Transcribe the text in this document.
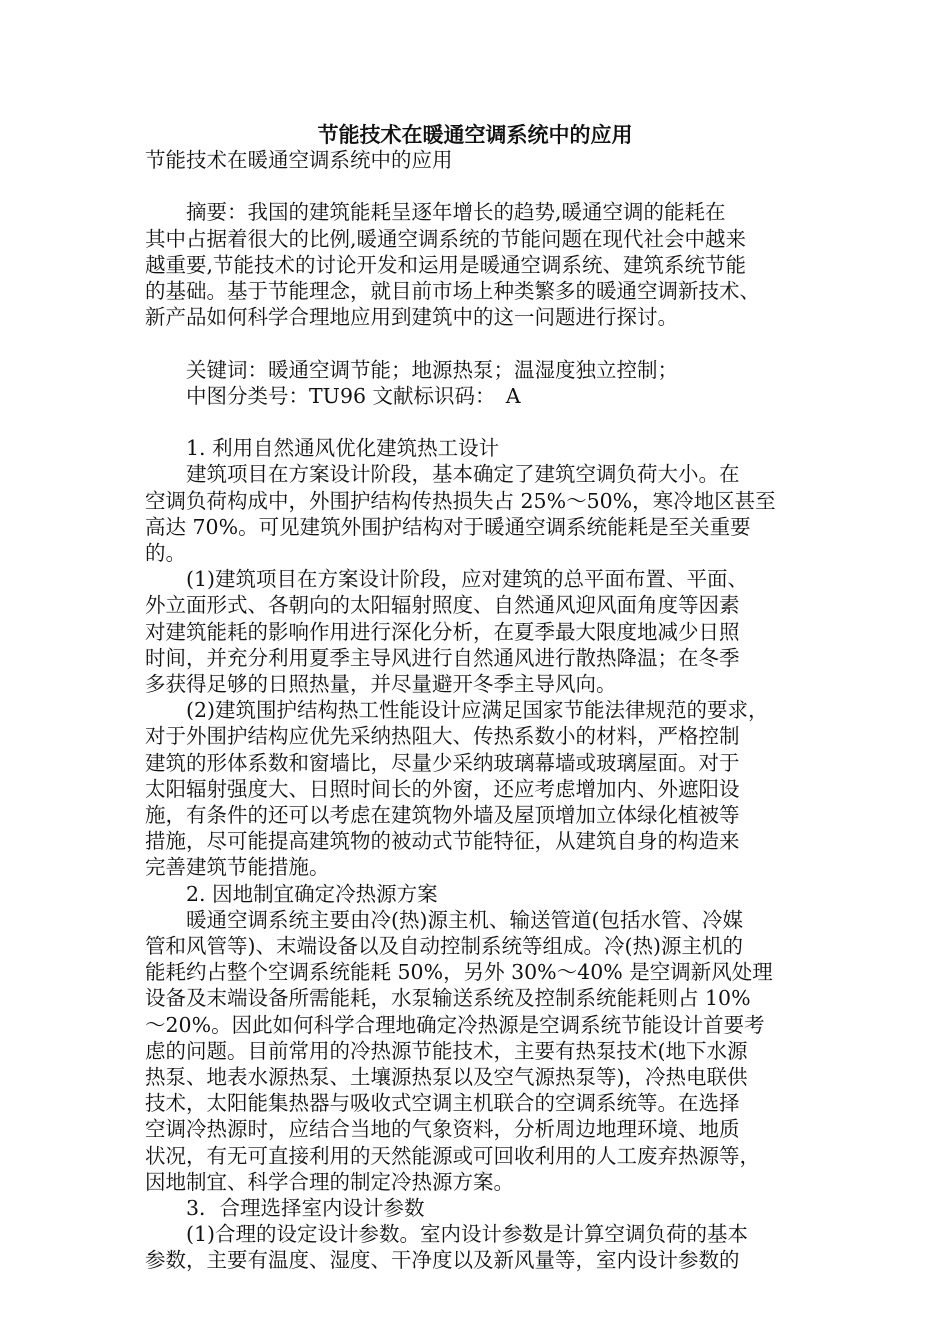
节能技术在暖通空调系统中的应用
节能技术在暖通空调系统中的应用
　　摘要：我国的建筑能耗呈逐年增长的趋势,暖通空调的能耗在
其中占据着很大的比例,暖通空调系统的节能问题在现代社会中越来
越重要,节能技术的讨论开发和运用是暖通空调系统、建筑系统节能
的基础。基于节能理念，就目前市场上种类繁多的暖通空调新技术、
新产品如何科学合理地应用到建筑中的这一问题进行探讨。
　　关键词：暖通空调节能；地源热泵；温湿度独立控制；
　　中图分类号：TU96 文献标识码：　A
　　1. 利用自然通风优化建筑热工设计
　　建筑项目在方案设计阶段，基本确定了建筑空调负荷大小。在
空调负荷构成中，外围护结构传热损失占 25%～50%，寒冷地区甚至
高达 70%。可见建筑外围护结构对于暖通空调系统能耗是至关重要
的。
　　(1)建筑项目在方案设计阶段，应对建筑的总平面布置、平面、
外立面形式、各朝向的太阳辐射照度、自然通风迎风面角度等因素
对建筑能耗的影响作用进行深化分析，在夏季最大限度地减少日照
时间，并充分利用夏季主导风进行自然通风进行散热降温；在冬季
多获得足够的日照热量，并尽量避开冬季主导风向。
　　(2)建筑围护结构热工性能设计应满足国家节能法律规范的要求，
对于外围护结构应优先采纳热阻大、传热系数小的材料，严格控制
建筑的形体系数和窗墙比，尽量少采纳玻璃幕墙或玻璃屋面。对于
太阳辐射强度大、日照时间长的外窗，还应考虑增加内、外遮阳设
施，有条件的还可以考虑在建筑物外墙及屋顶增加立体绿化植被等
措施，尽可能提高建筑物的被动式节能特征，从建筑自身的构造来
完善建筑节能措施。
　　2. 因地制宜确定冷热源方案
　　暖通空调系统主要由冷(热)源主机、输送管道(包括水管、冷媒
管和风管等)、末端设备以及自动控制系统等组成。冷(热)源主机的
能耗约占整个空调系统能耗 50%，另外 30%～40% 是空调新风处理
设备及末端设备所需能耗，水泵输送系统及控制系统能耗则占 10%
～20%。因此如何科学合理地确定冷热源是空调系统节能设计首要考
虑的问题。目前常用的冷热源节能技术，主要有热泵技术(地下水源
热泵、地表水源热泵、土壤源热泵以及空气源热泵等)，冷热电联供
技术，太阳能集热器与吸收式空调主机联合的空调系统等。在选择
空调冷热源时，应结合当地的气象资料，分析周边地理环境、地质
状况，有无可直接利用的天然能源或可回收利用的人工废弃热源等，
因地制宜、科学合理的制定冷热源方案。
　　3．合理选择室内设计参数
　　(1)合理的设定设计参数。室内设计参数是计算空调负荷的基本
参数，主要有温度、湿度、干净度以及新风量等，室内设计参数的
